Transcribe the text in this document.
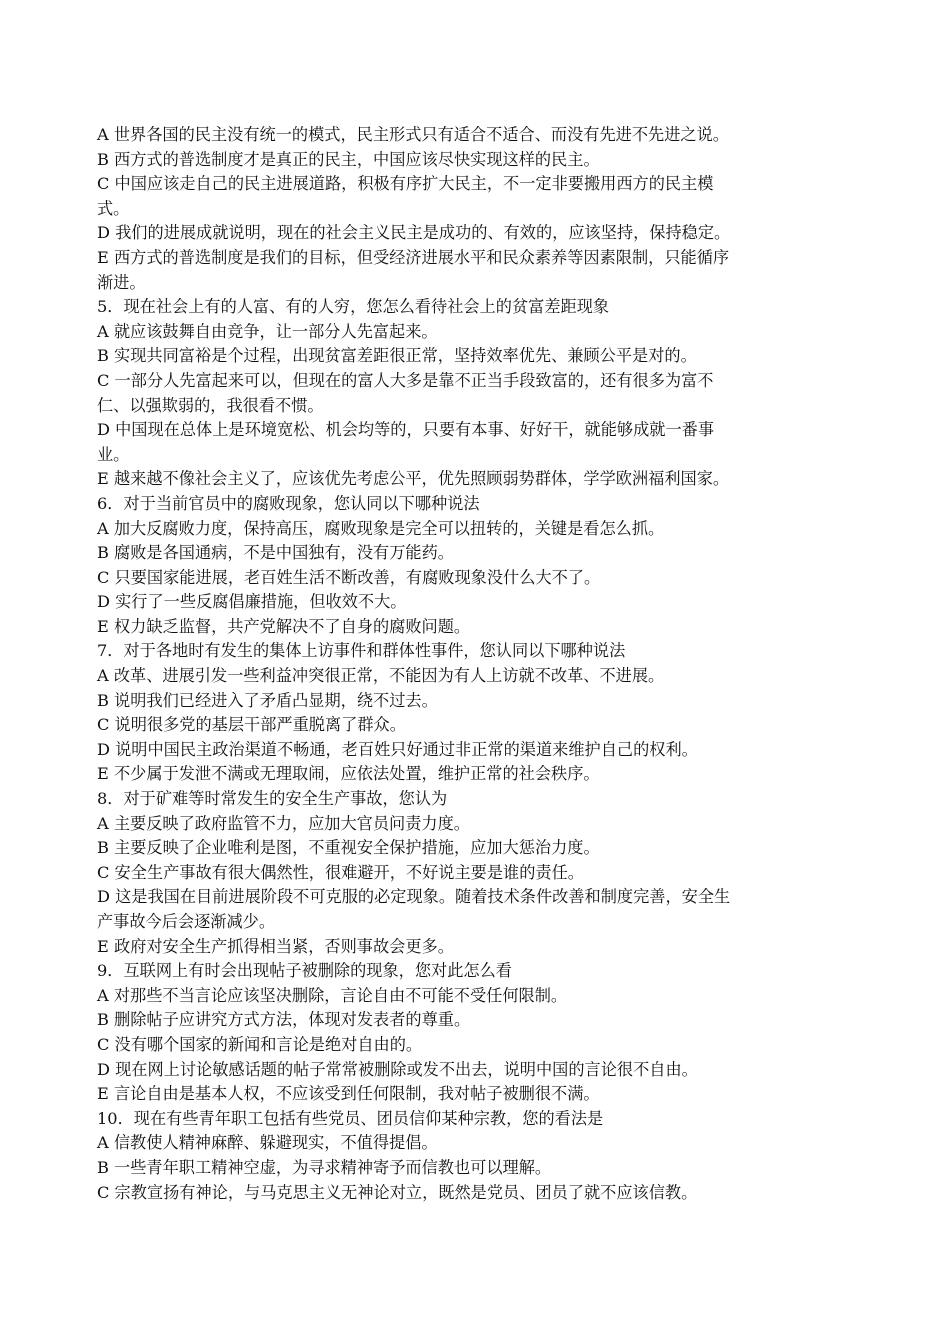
A 世界各国的民主没有统一的模式，民主形式只有适合不适合、而没有先进不先进之说。
B 西方式的普选制度才是真正的民主，中国应该尽快实现这样的民主。
C 中国应该走自己的民主进展道路，积极有序扩大民主，不一定非要搬用西方的民主模
式。
D 我们的进展成就说明，现在的社会主义民主是成功的、有效的，应该坚持，保持稳定。
E 西方式的普选制度是我们的目标，但受经济进展水平和民众素养等因素限制，只能循序
渐进。
5．现在社会上有的人富、有的人穷，您怎么看待社会上的贫富差距现象
A 就应该鼓舞自由竞争，让一部分人先富起来。
B 实现共同富裕是个过程，出现贫富差距很正常，坚持效率优先、兼顾公平是对的。
C 一部分人先富起来可以，但现在的富人大多是靠不正当手段致富的，还有很多为富不
仁、以强欺弱的，我很看不惯。
D 中国现在总体上是环境宽松、机会均等的，只要有本事、好好干，就能够成就一番事
业。
E 越来越不像社会主义了，应该优先考虑公平，优先照顾弱势群体，学学欧洲福利国家。
6．对于当前官员中的腐败现象，您认同以下哪种说法
A 加大反腐败力度，保持高压，腐败现象是完全可以扭转的，关键是看怎么抓。
B 腐败是各国通病，不是中国独有，没有万能药。
C 只要国家能进展，老百姓生活不断改善，有腐败现象没什么大不了。
D 实行了一些反腐倡廉措施，但收效不大。
E 权力缺乏监督，共产党解决不了自身的腐败问题。
7．对于各地时有发生的集体上访事件和群体性事件，您认同以下哪种说法
A 改革、进展引发一些利益冲突很正常，不能因为有人上访就不改革、不进展。
B 说明我们已经进入了矛盾凸显期，绕不过去。
C 说明很多党的基层干部严重脱离了群众。
D 说明中国民主政治渠道不畅通，老百姓只好通过非正常的渠道来维护自己的权利。
E 不少属于发泄不满或无理取闹，应依法处置，维护正常的社会秩序。
8．对于矿难等时常发生的安全生产事故，您认为
A 主要反映了政府监管不力，应加大官员问责力度。
B 主要反映了企业唯利是图，不重视安全保护措施，应加大惩治力度。
C 安全生产事故有很大偶然性，很难避开，不好说主要是谁的责任。
D 这是我国在目前进展阶段不可克服的必定现象。随着技术条件改善和制度完善，安全生
产事故今后会逐渐减少。
E 政府对安全生产抓得相当紧，否则事故会更多。
9．互联网上有时会出现帖子被删除的现象，您对此怎么看
A 对那些不当言论应该坚决删除，言论自由不可能不受任何限制。
B 删除帖子应讲究方式方法，体现对发表者的尊重。
C 没有哪个国家的新闻和言论是绝对自由的。
D 现在网上讨论敏感话题的帖子常常被删除或发不出去，说明中国的言论很不自由。
E 言论自由是基本人权，不应该受到任何限制，我对帖子被删很不满。
10．现在有些青年职工包括有些党员、团员信仰某种宗教，您的看法是
A 信教使人精神麻醉、躲避现实，不值得提倡。
B 一些青年职工精神空虚，为寻求精神寄予而信教也可以理解。
C 宗教宣扬有神论，与马克思主义无神论对立，既然是党员、团员了就不应该信教。
